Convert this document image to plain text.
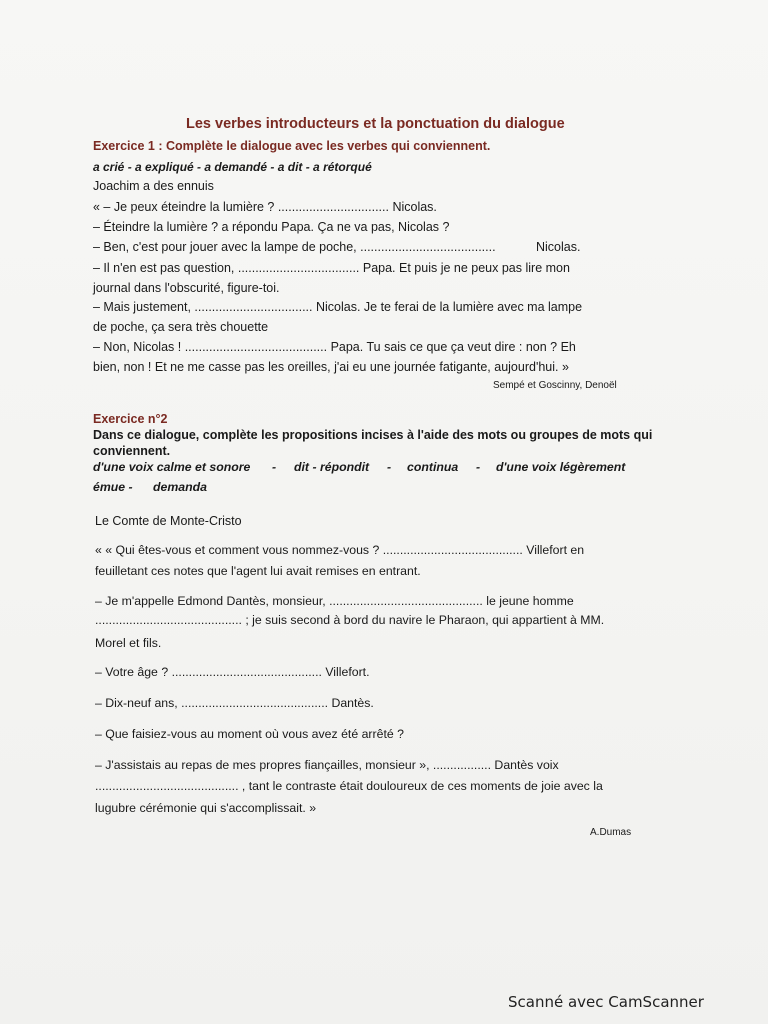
Les verbes introducteurs et la ponctuation du dialogue
Exercice 1 : Complète le dialogue avec les verbes qui conviennent.
a crié - a expliqué - a demandé - a dit - a rétorqué
Joachim a des ennuis
« – Je peux éteindre la lumière ? ................................ Nicolas.
– Éteindre la lumière ? a répondu Papa. Ça ne va pas, Nicolas ?
– Ben, c'est pour jouer avec la lampe de poche, .......................................	Nicolas.
– Il n'en est pas question, ................................... Papa. Et puis je ne peux pas lire mon
journal dans l'obscurité, figure-toi.
– Mais justement, .................................. Nicolas. Je te ferai de la lumière avec ma lampe
de poche, ça sera très chouette
– Non, Nicolas ! ......................................... Papa. Tu sais ce que ça veut dire : non ? Eh
bien, non ! Et ne me casse pas les oreilles, j'ai eu une journée fatigante, aujourd'hui. »
Sempé et Goscinny, Denoël
Exercice n°2
Dans ce dialogue, complète les propositions incises à l'aide des mots ou groupes de mots qui
conviennent.
d'une voix calme et sonore - dit - répondit - continua - d'une voix légèrement
émue - demanda
Le Comte de Monte-Cristo
« « Qui êtes-vous et comment vous nommez-vous ? ......................................... Villefort en
feuilletant ces notes que l'agent lui avait remises en entrant.
– Je m'appelle Edmond Dantès, monsieur, ............................................. le jeune homme
........................................... ; je suis second à bord du navire le Pharaon, qui appartient à MM.
Morel et fils.
– Votre âge ? ............................................ Villefort.
– Dix-neuf ans, ........................................... Dantès.
– Que faisiez-vous au moment où vous avez été arrêté ?
– J'assistais au repas de mes propres fiançailles, monsieur », ................. Dantès voix
.......................................... , tant le contraste était douloureux de ces moments de joie avec la
lugubre cérémonie qui s'accomplissait. »
A.Dumas
Scanné avec CamScanner
